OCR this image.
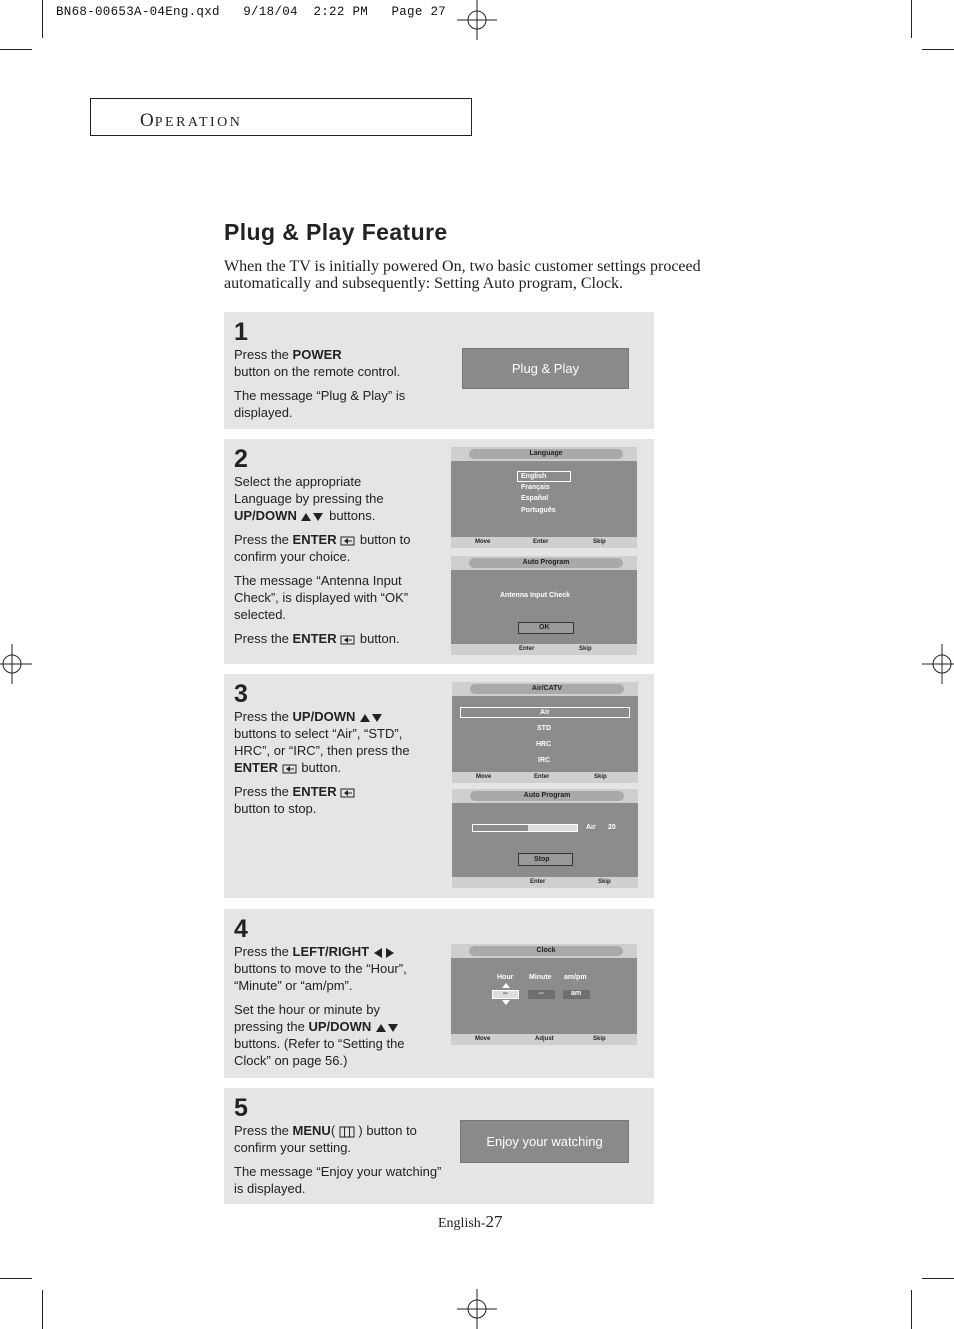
BN68-00653A-04Eng.qxd   9/18/04  2:22 PM   Page 27
OPERATION
Plug & Play Feature

When the TV is initially powered On, two basic customer settings proceed automatically and subsequently: Setting Auto program, Clock.

1

Press the POWER
button on the remote control.

The message “Plug & Play” is displayed.

Plug & Play
2

Select the appropriate Language by pressing the UP/DOWN buttons.

Press the ENTER button to confirm your choice.

The message “Antenna Input Check”, is displayed with “OK” selected.

Press the ENTER button.

Language
English
Français
Español
Português
Move	Enter	Skip
Auto Program
Antenna Input Check
OK
Enter	Skip
3

Press the UP/DOWN  buttons to select “Air”, “STD”, HRC”, or “IRC”, then press the ENTER button.

Press the ENTER
button to stop.

Air/CATV
Air
STD
HRC
IRC
Move	Enter	Skip
Auto Program
Air 20
Stop
Enter	Skip
4

Press the LEFT/RIGHT  buttons to move to the “Hour”, “Minute” or “am/pm”.

Set the hour or minute by pressing the UP/DOWN  buttons. (Refer to “Setting the Clock” on page 56.)

Clock
Hour Minute am/pm
--	--	am
Move	Adjust	Skip
5

Press the MENU(  ) button to confirm your setting.

The message “Enjoy your watching” is displayed.

Enjoy your watching
English-27
